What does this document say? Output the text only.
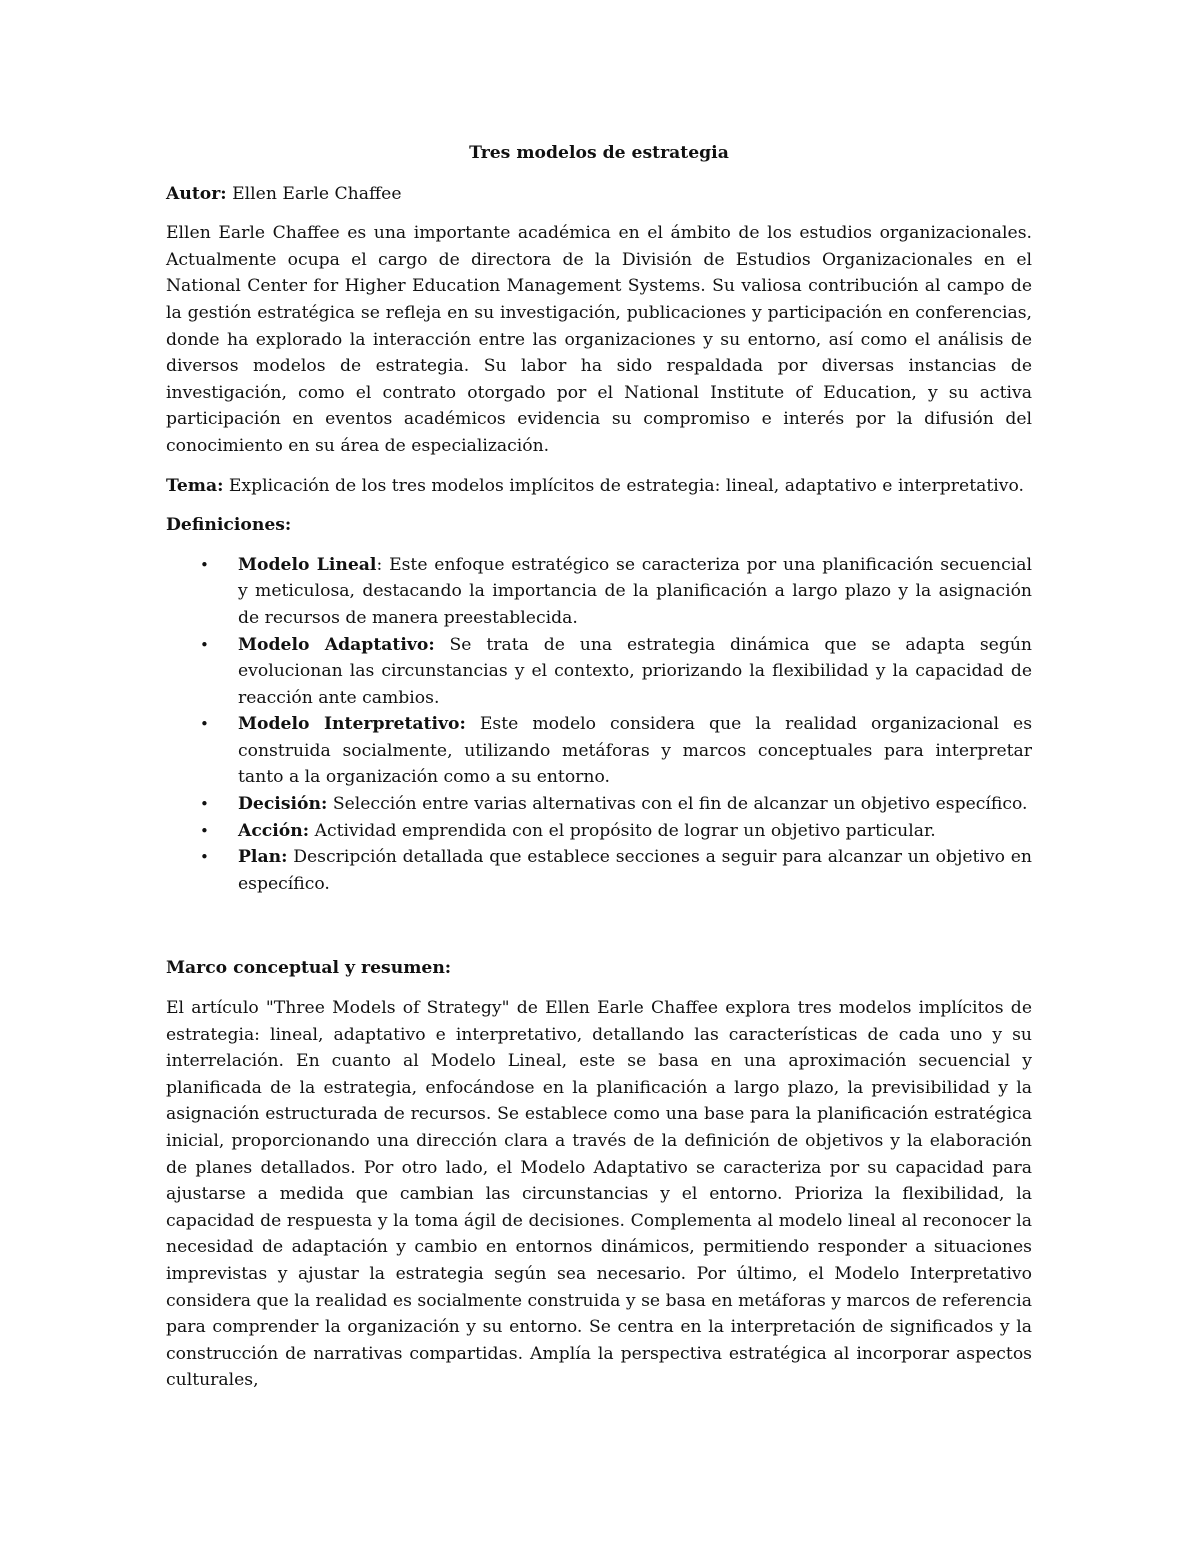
Tres modelos de estrategia

Autor: Ellen Earle Chaffee

Ellen Earle Chaffee es una importante académica en el ámbito de los estudios organizacionales. Actualmente ocupa el cargo de directora de la División de Estudios Organizacionales en el National Center for Higher Education Management Systems. Su valiosa contribución al campo de la gestión estratégica se refleja en su investigación, publicaciones y participación en conferencias, donde ha explorado la interacción entre las organizaciones y su entorno, así como el análisis de diversos modelos de estrategia. Su labor ha sido respaldada por diversas instancias de investigación, como el contrato otorgado por el National Institute of Education, y su activa participación en eventos académicos evidencia su compromiso e interés por la difusión del conocimiento en su área de especialización.

Tema: Explicación de los tres modelos implícitos de estrategia: lineal, adaptativo e interpretativo.

Definiciones:

• Modelo Lineal: Este enfoque estratégico se caracteriza por una planificación secuencial y meticulosa, destacando la importancia de la planificación a largo plazo y la asignación de recursos de manera preestablecida.
• Modelo Adaptativo: Se trata de una estrategia dinámica que se adapta según evolucionan las circunstancias y el contexto, priorizando la flexibilidad y la capacidad de reacción ante cambios.
• Modelo Interpretativo: Este modelo considera que la realidad organizacional es construida socialmente, utilizando metáforas y marcos conceptuales para interpretar tanto a la organización como a su entorno.
• Decisión: Selección entre varias alternativas con el fin de alcanzar un objetivo específico.
• Acción: Actividad emprendida con el propósito de lograr un objetivo particular.
• Plan: Descripción detallada que establece secciones a seguir para alcanzar un objetivo en específico.

Marco conceptual y resumen:

El artículo "Three Models of Strategy" de Ellen Earle Chaffee explora tres modelos implícitos de estrategia: lineal, adaptativo e interpretativo, detallando las características de cada uno y su interrelación. En cuanto al Modelo Lineal, este se basa en una aproximación secuencial y planificada de la estrategia, enfocándose en la planificación a largo plazo, la previsibilidad y la asignación estructurada de recursos. Se establece como una base para la planificación estratégica inicial, proporcionando una dirección clara a través de la definición de objetivos y la elaboración de planes detallados. Por otro lado, el Modelo Adaptativo se caracteriza por su capacidad para ajustarse a medida que cambian las circunstancias y el entorno. Prioriza la flexibilidad, la capacidad de respuesta y la toma ágil de decisiones. Complementa al modelo lineal al reconocer la necesidad de adaptación y cambio en entornos dinámicos, permitiendo responder a situaciones imprevistas y ajustar la estrategia según sea necesario. Por último, el Modelo Interpretativo considera que la realidad es socialmente construida y se basa en metáforas y marcos de referencia para comprender la organización y su entorno. Se centra en la interpretación de significados y la construcción de narrativas compartidas. Amplía la perspectiva estratégica al incorporar aspectos culturales,
